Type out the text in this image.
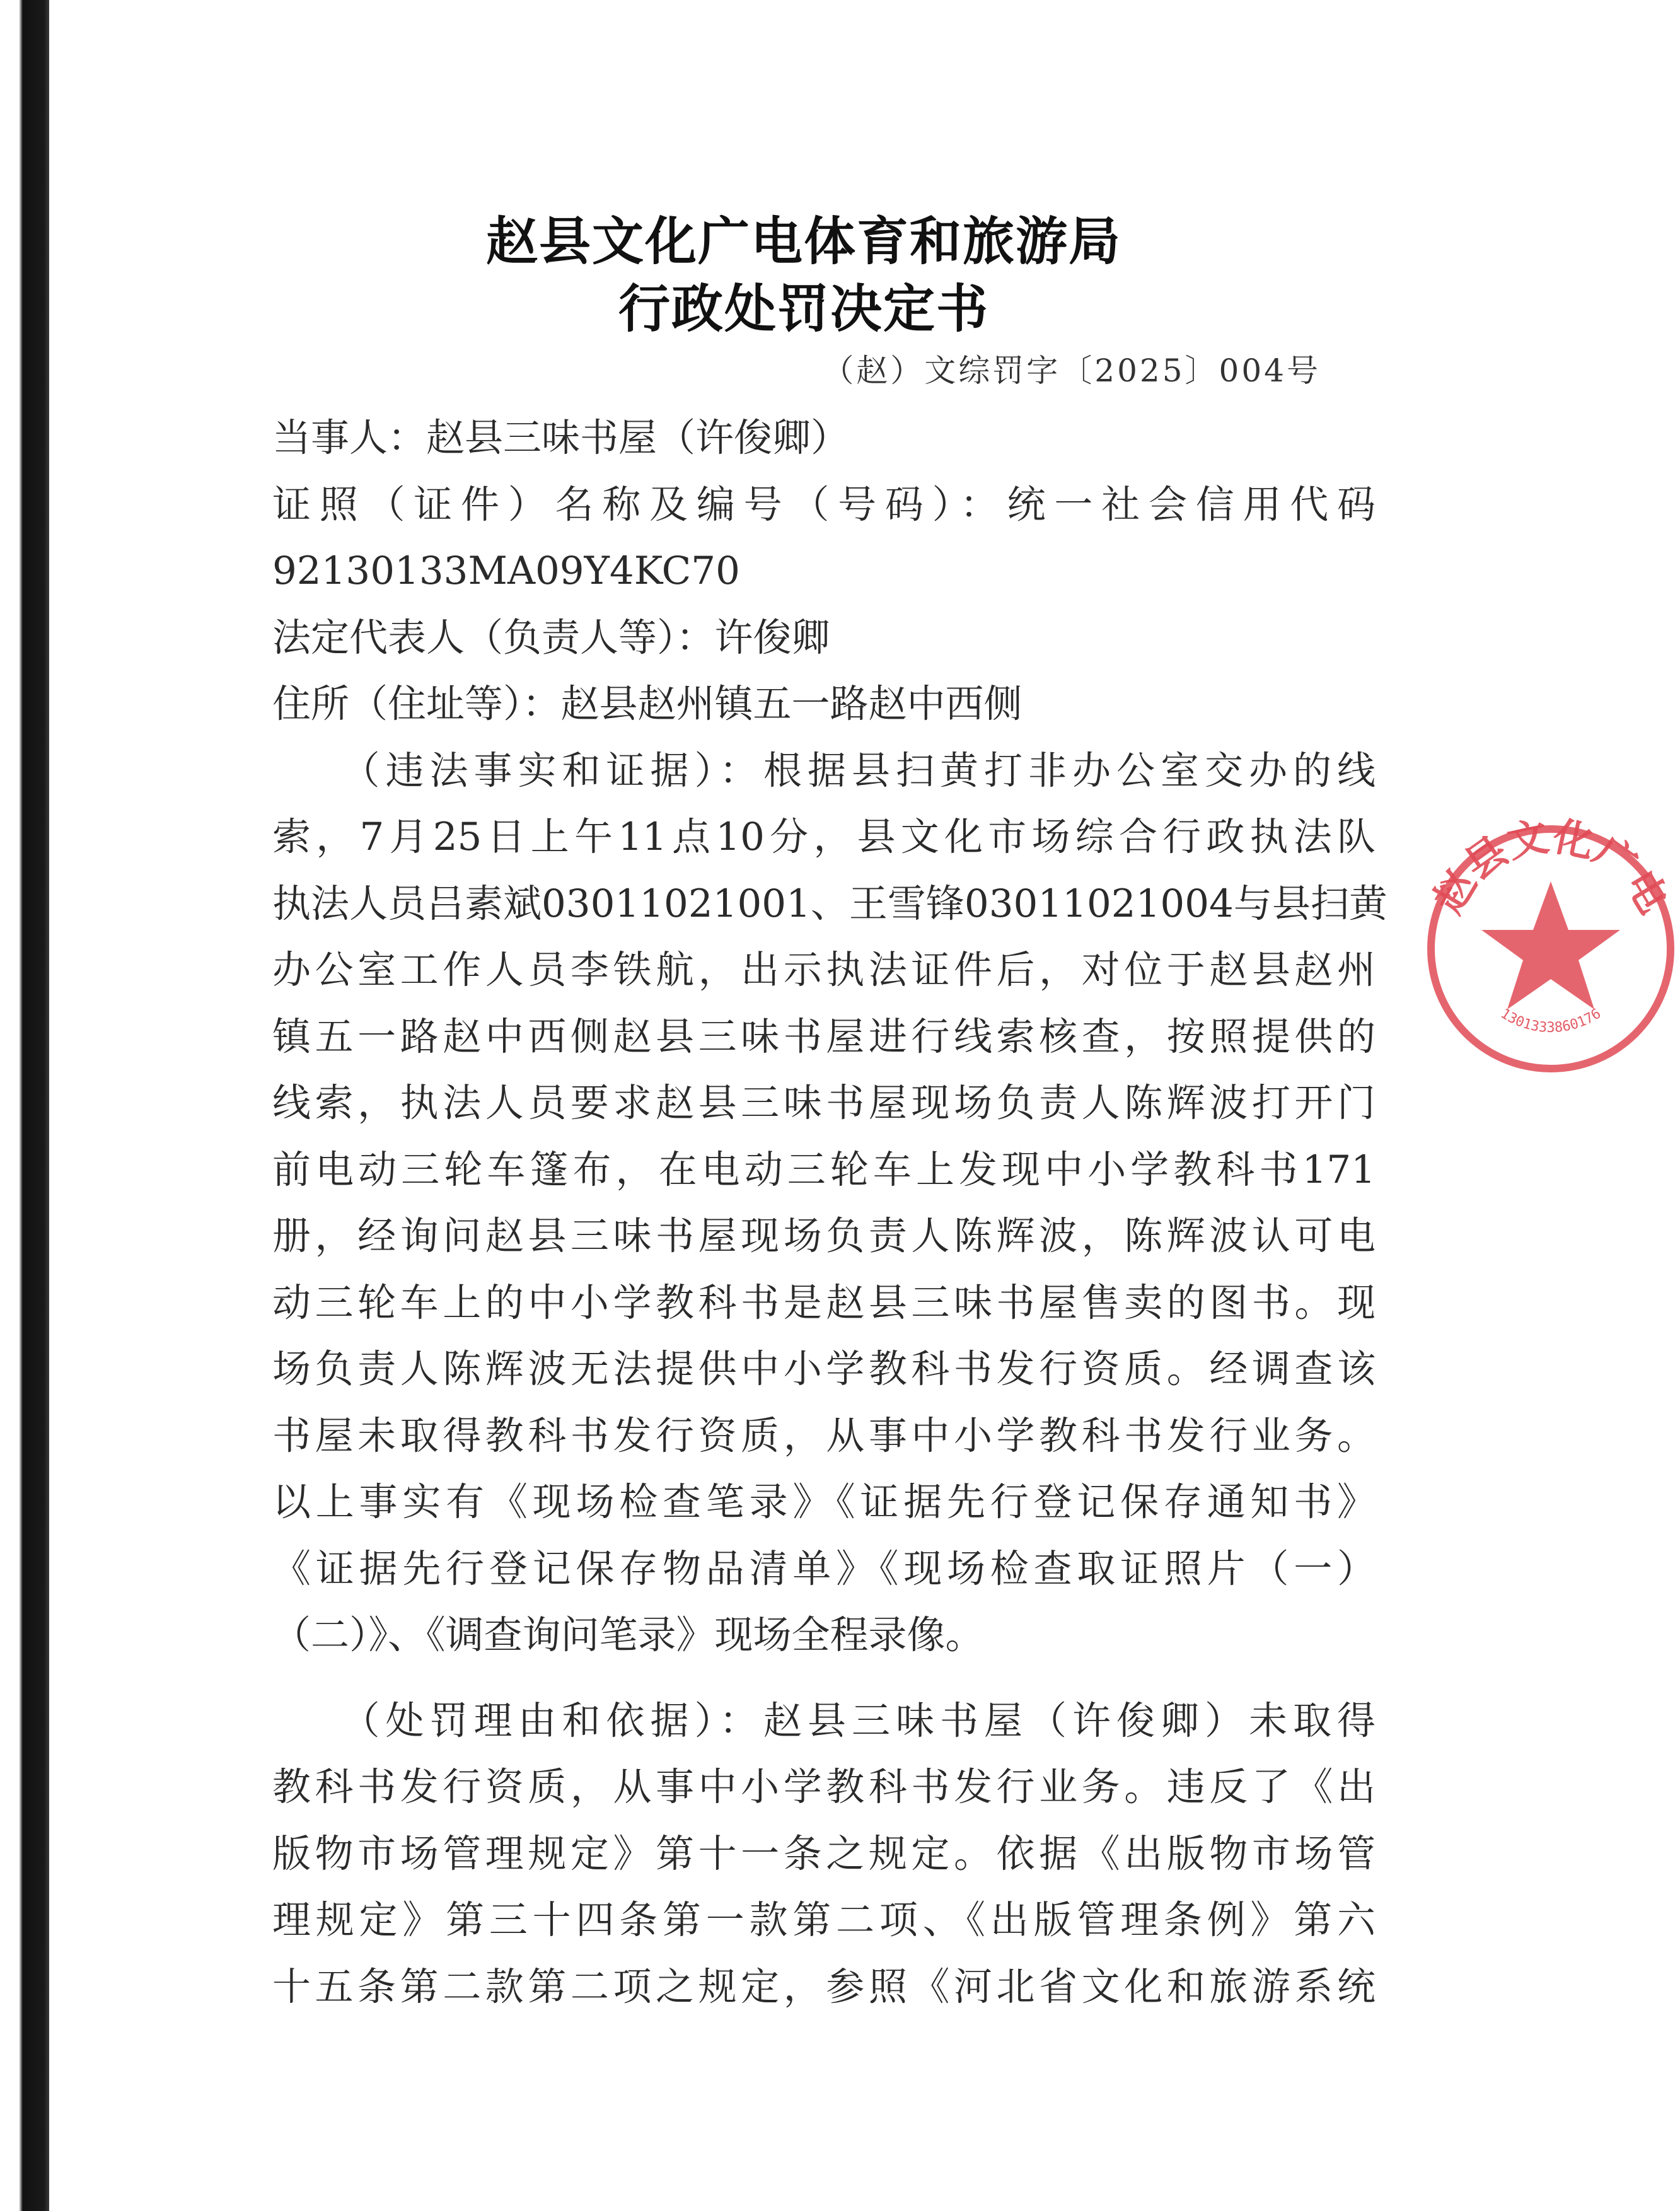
赵县文化广电体育和旅游局
行政处罚决定书
（赵）文综罚字〔2025〕004号
当事人：赵县三味书屋（许俊卿）
证照（证件）名称及编号（号码）：统一社会信用代码
92130133MA09Y4KC70
法定代表人（负责人等）：许俊卿
住所（住址等）：赵县赵州镇五一路赵中西侧
　　（违法事实和证据）：根据县扫黄打非办公室交办的线
索，7月25日上午11点10分，县文化市场综合行政执法队
执法人员吕素斌03011021001、王雪锋03011021004与县扫黄
办公室工作人员李铁航，出示执法证件后，对位于赵县赵州
镇五一路赵中西侧赵县三味书屋进行线索核查，按照提供的
线索，执法人员要求赵县三味书屋现场负责人陈辉波打开门
前电动三轮车篷布，在电动三轮车上发现中小学教科书171
册，经询问赵县三味书屋现场负责人陈辉波，陈辉波认可电
动三轮车上的中小学教科书是赵县三味书屋售卖的图书。现
场负责人陈辉波无法提供中小学教科书发行资质。经调查该
书屋未取得教科书发行资质，从事中小学教科书发行业务。
以上事实有《现场检查笔录》《证据先行登记保存通知书》
《证据先行登记保存物品清单》《现场检查取证照片（一）
（二）》、《调查询问笔录》现场全程录像。
　　（处罚理由和依据）：赵县三味书屋（许俊卿）未取得
教科书发行资质，从事中小学教科书发行业务。违反了《出
版物市场管理规定》第十一条之规定。依据《出版物市场管
理规定》第三十四条第一款第二项、《出版管理条例》第六
十五条第二款第二项之规定，参照《河北省文化和旅游系统
赵县文化广电
1301333860176
